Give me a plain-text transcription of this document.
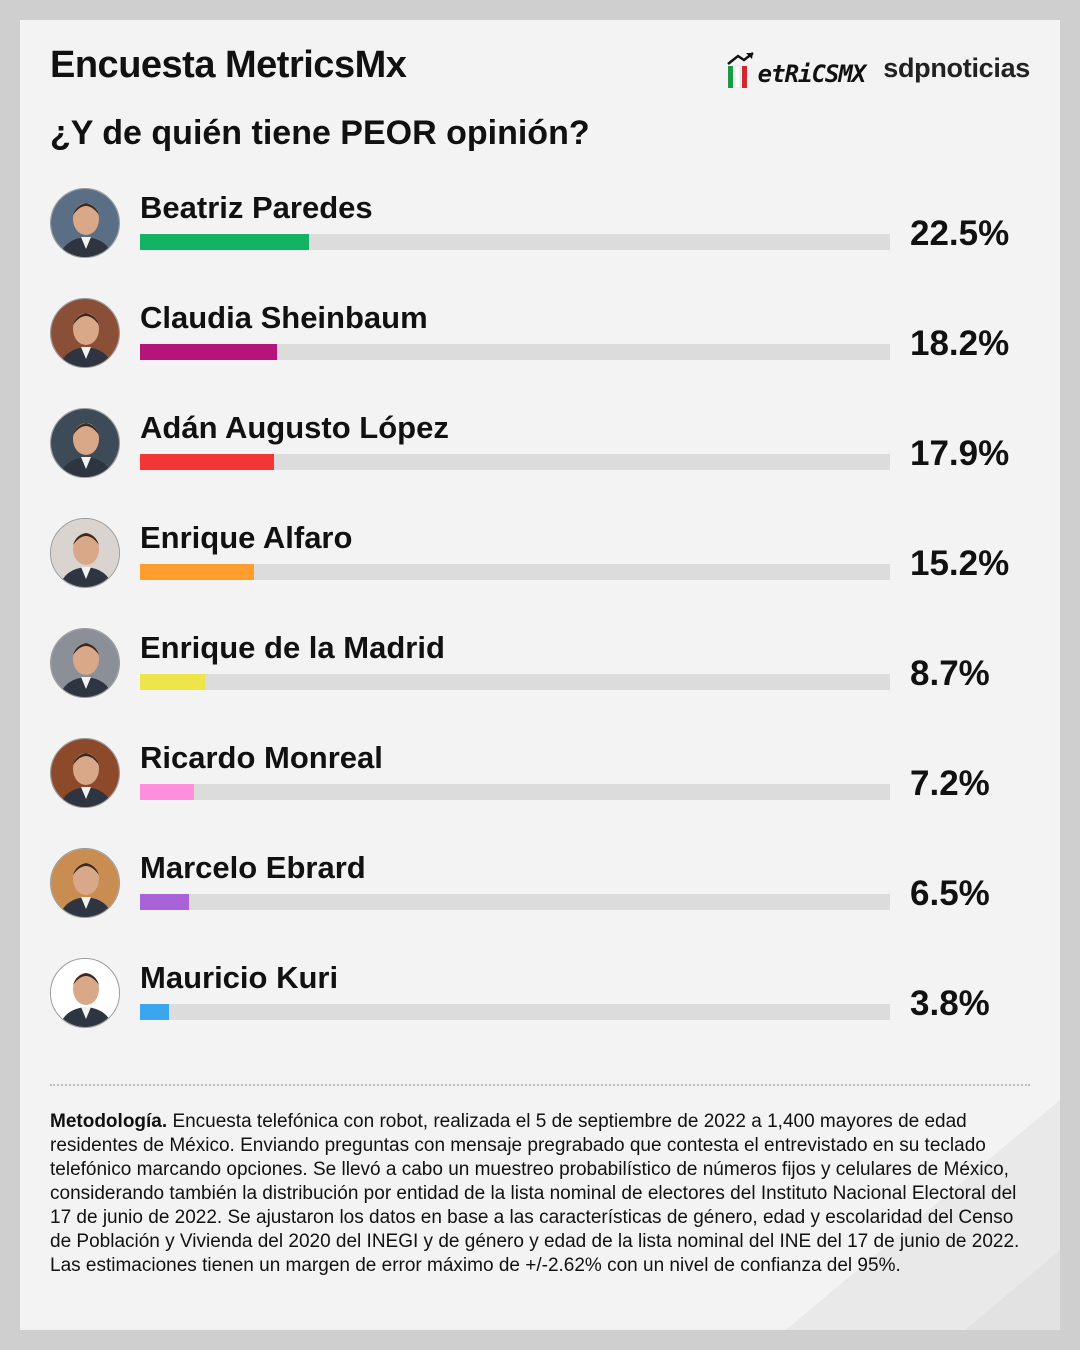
Encuesta MetricsMx	etRiCSMX sdpnoticias
¿Y de quién tiene PEOR opinión?
Beatriz Paredes
22.5%
Claudia Sheinbaum
18.2%
Adán Augusto López
17.9%
Enrique Alfaro
15.2%
Enrique de la Madrid
8.7%
Ricardo Monreal
7.2%
Marcelo Ebrard
6.5%
Mauricio Kuri
3.8%
Metodología. Encuesta telefónica con robot, realizada el 5 de septiembre de 2022 a 1,400 mayores de edad residentes de México. Enviando preguntas con mensaje pregrabado que contesta el entrevistado en su teclado telefónico marcando opciones. Se llevó a cabo un muestreo probabilístico de números fijos y celulares de México, considerando también la distribución por entidad de la lista nominal de electores del Instituto Nacional Electoral del 17 de junio de 2022. Se ajustaron los datos en base a las características de género, edad y escolaridad del Censo de Población y Vivienda del 2020 del INEGI y de género y edad de la lista nominal del INE del 17 de junio de 2022. Las estimaciones tienen un margen de error máximo de +/-2.62% con un nivel de confianza del 95%.
